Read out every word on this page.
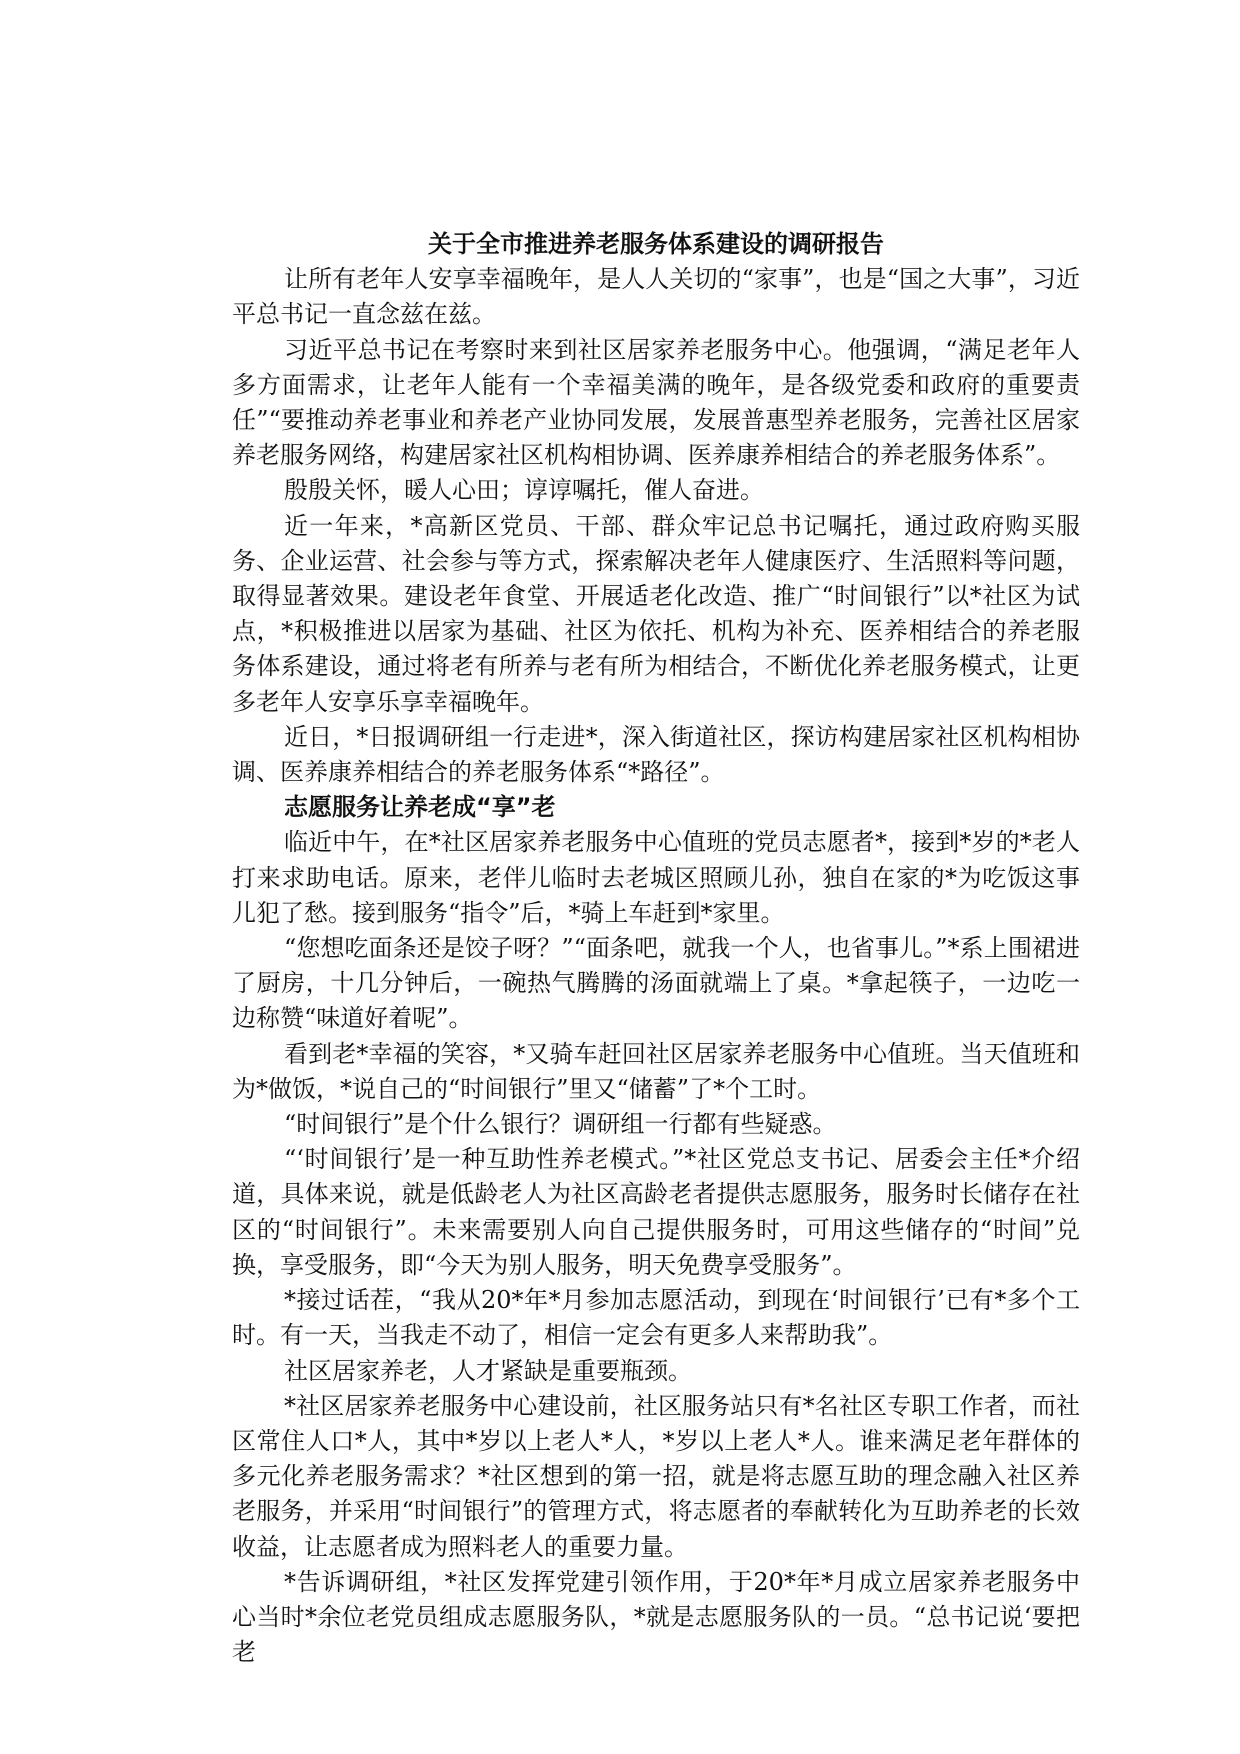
关于全市推进养老服务体系建设的调研报告

让所有老年人安享幸福晚年，是人人关切的“家事”，也是“国之大事”，习近平总书记一直念兹在兹。

习近平总书记在考察时来到社区居家养老服务中心。他强调，“满足老年人多方面需求，让老年人能有一个幸福美满的晚年，是各级党委和政府的重要责任”“要推动养老事业和养老产业协同发展，发展普惠型养老服务，完善社区居家养老服务网络，构建居家社区机构相协调、医养康养相结合的养老服务体系”。

殷殷关怀，暖人心田；谆谆嘱托，催人奋进。

近一年来，*高新区党员、干部、群众牢记总书记嘱托，通过政府购买服务、企业运营、社会参与等方式，探索解决老年人健康医疗、生活照料等问题，取得显著效果。建设老年食堂、开展适老化改造、推广“时间银行”以*社区为试点，*积极推进以居家为基础、社区为依托、机构为补充、医养相结合的养老服务体系建设，通过将老有所养与老有所为相结合，不断优化养老服务模式，让更多老年人安享乐享幸福晚年。

近日，*日报调研组一行走进*，深入街道社区，探访构建居家社区机构相协调、医养康养相结合的养老服务体系“*路径”。

志愿服务让养老成“享”老

临近中午，在*社区居家养老服务中心值班的党员志愿者*，接到*岁的*老人打来求助电话。原来，老伴儿临时去老城区照顾儿孙，独自在家的*为吃饭这事儿犯了愁。接到服务“指令”后，*骑上车赶到*家里。

“您想吃面条还是饺子呀？”“面条吧，就我一个人，也省事儿。”*系上围裙进了厨房，十几分钟后，一碗热气腾腾的汤面就端上了桌。*拿起筷子，一边吃一边称赞“味道好着呢”。

看到老*幸福的笑容，*又骑车赶回社区居家养老服务中心值班。当天值班和为*做饭，*说自己的“时间银行”里又“储蓄”了*个工时。

“时间银行”是个什么银行？调研组一行都有些疑惑。

“‘时间银行’是一种互助性养老模式。”*社区党总支书记、居委会主任*介绍道，具体来说，就是低龄老人为社区高龄老者提供志愿服务，服务时长储存在社区的“时间银行”。未来需要别人向自己提供服务时，可用这些储存的“时间”兑换，享受服务，即“今天为别人服务，明天免费享受服务”。

*接过话茬，“我从20*年*月参加志愿活动，到现在‘时间银行’已有*多个工时。有一天，当我走不动了，相信一定会有更多人来帮助我”。

社区居家养老，人才紧缺是重要瓶颈。

*社区居家养老服务中心建设前，社区服务站只有*名社区专职工作者，而社区常住人口*人，其中*岁以上老人*人，*岁以上老人*人。谁来满足老年群体的多元化养老服务需求？*社区想到的第一招，就是将志愿互助的理念融入社区养老服务，并采用“时间银行”的管理方式，将志愿者的奉献转化为互助养老的长效收益，让志愿者成为照料老人的重要力量。

*告诉调研组，*社区发挥党建引领作用，于20*年*月成立居家养老服务中心当时*余位老党员组成志愿服务队，*就是志愿服务队的一员。“总书记说‘要把老
